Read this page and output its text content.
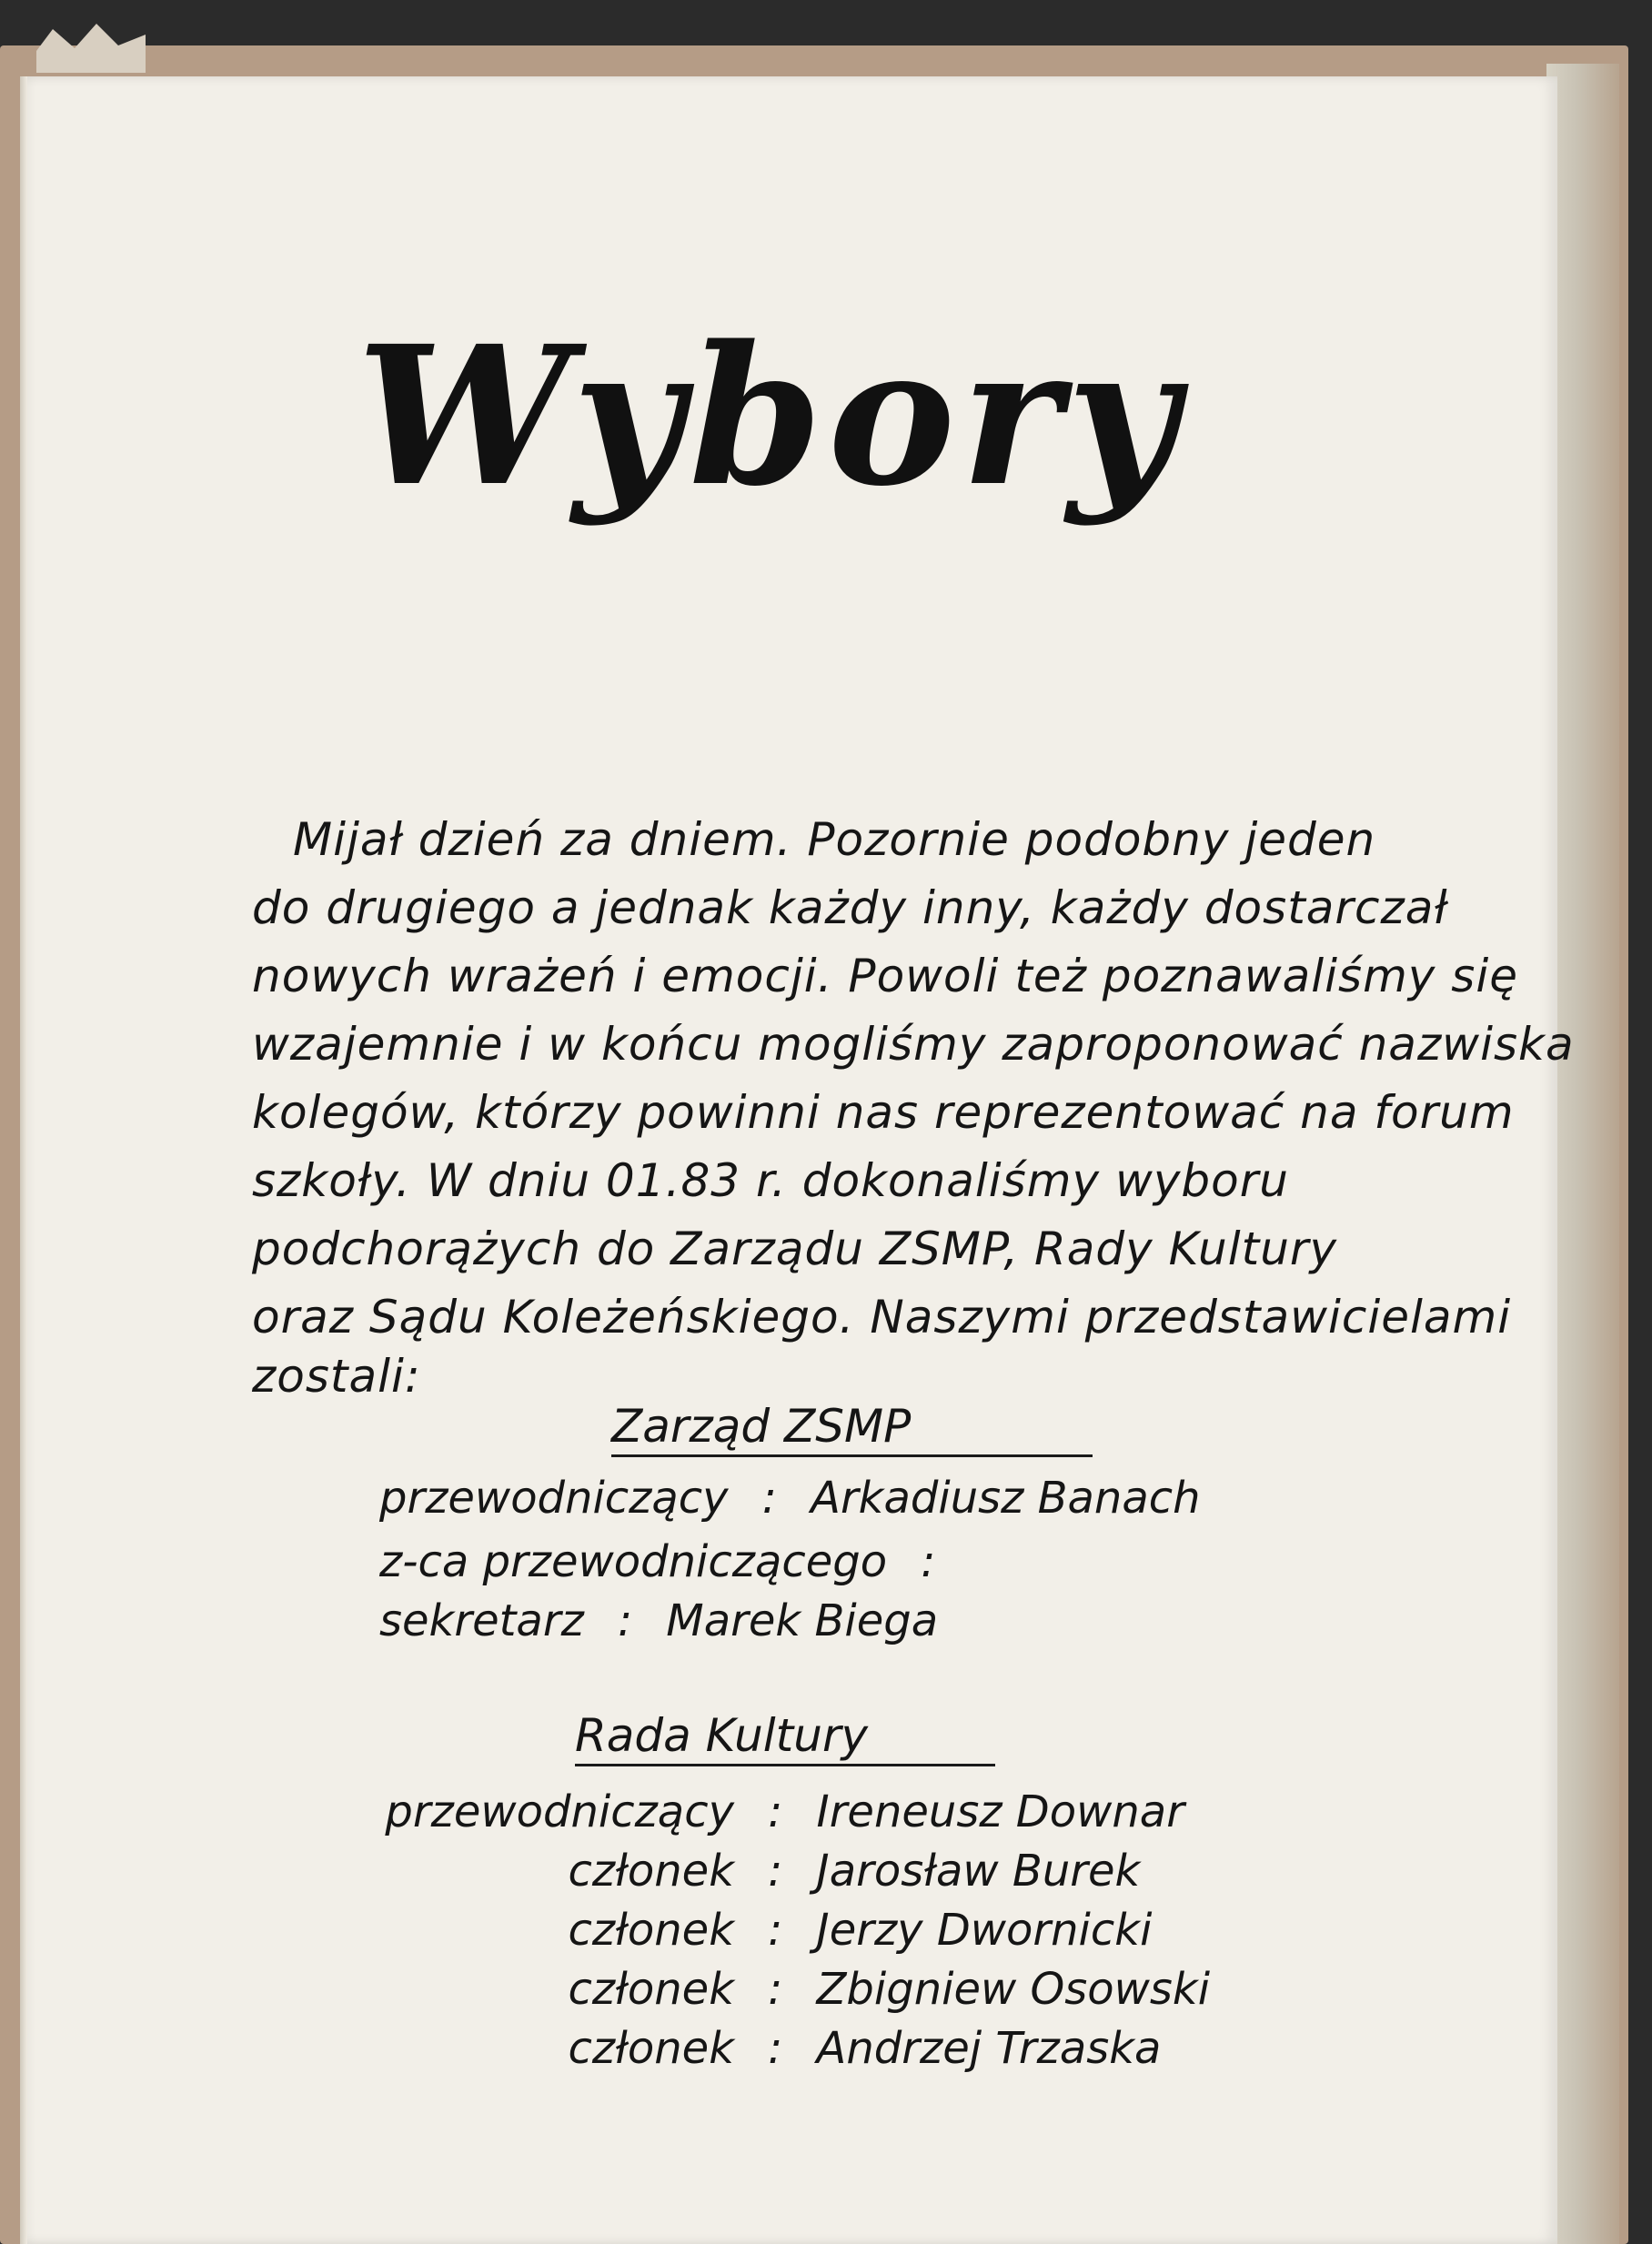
Wybory
Mijał dzień za dniem. Pozornie podobny jeden
do drugiego a jednak każdy inny, każdy dostarczał
nowych wrażeń i emocji. Powoli też poznawaliśmy się
wzajemnie i w końcu mogliśmy zaproponować nazwiska
kolegów, którzy powinni nas reprezentować na forum
szkoły. W dniu 01.83 r. dokonaliśmy wyboru
podchorążych do Zarządu ZSMP, Rady Kultury
oraz Sądu Koleżeńskiego. Naszymi przedstawicielami
zostali:
Zarząd ZSMP
przewodniczący : Arkadiusz Banach
z-ca przewodniczącego :
sekretarz : Marek Biega
Rada Kultury
przewodniczący : Ireneusz Downar
członek : Jarosław Burek
członek : Jerzy Dwornicki
członek : Zbigniew Osowski
członek : Andrzej Trzaska
